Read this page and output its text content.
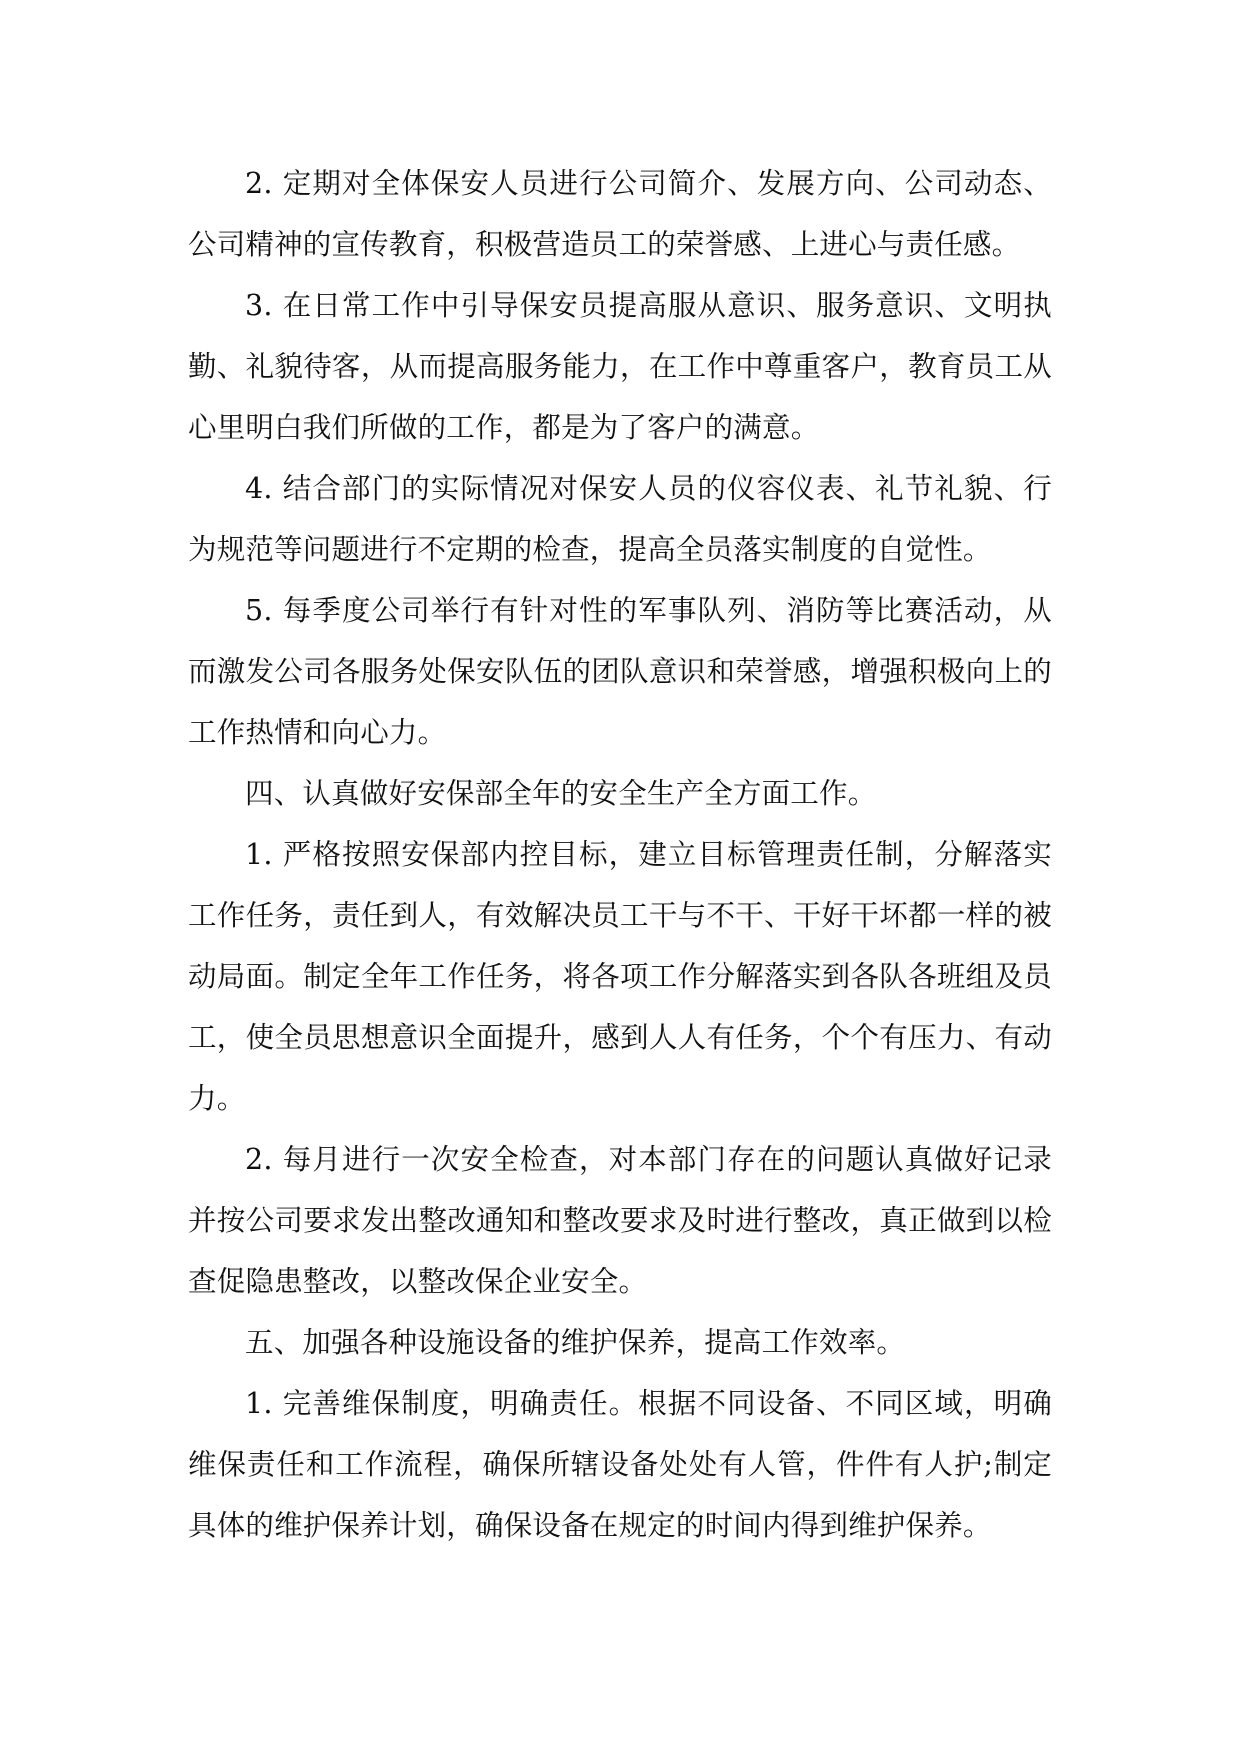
2. 定期对全体保安人员进行公司简介、发展方向、公司动态、公司精神的宣传教育，积极营造员工的荣誉感、上进心与责任感。

3. 在日常工作中引导保安员提高服从意识、服务意识、文明执勤、礼貌待客，从而提高服务能力，在工作中尊重客户，教育员工从心里明白我们所做的工作，都是为了客户的满意。

4. 结合部门的实际情况对保安人员的仪容仪表、礼节礼貌、行为规范等问题进行不定期的检查，提高全员落实制度的自觉性。

5. 每季度公司举行有针对性的军事队列、消防等比赛活动，从而激发公司各服务处保安队伍的团队意识和荣誉感，增强积极向上的工作热情和向心力。

四、认真做好安保部全年的安全生产全方面工作。

1. 严格按照安保部内控目标，建立目标管理责任制，分解落实工作任务，责任到人，有效解决员工干与不干、干好干坏都一样的被动局面。制定全年工作任务，将各项工作分解落实到各队各班组及员工，使全员思想意识全面提升，感到人人有任务，个个有压力、有动力。

2. 每月进行一次安全检查，对本部门存在的问题认真做好记录并按公司要求发出整改通知和整改要求及时进行整改，真正做到以检查促隐患整改，以整改保企业安全。

五、加强各种设施设备的维护保养，提高工作效率。

1. 完善维保制度，明确责任。根据不同设备、不同区域，明确维保责任和工作流程，确保所辖设备处处有人管，件件有人护;制定具体的维护保养计划，确保设备在规定的时间内得到维护保养。
